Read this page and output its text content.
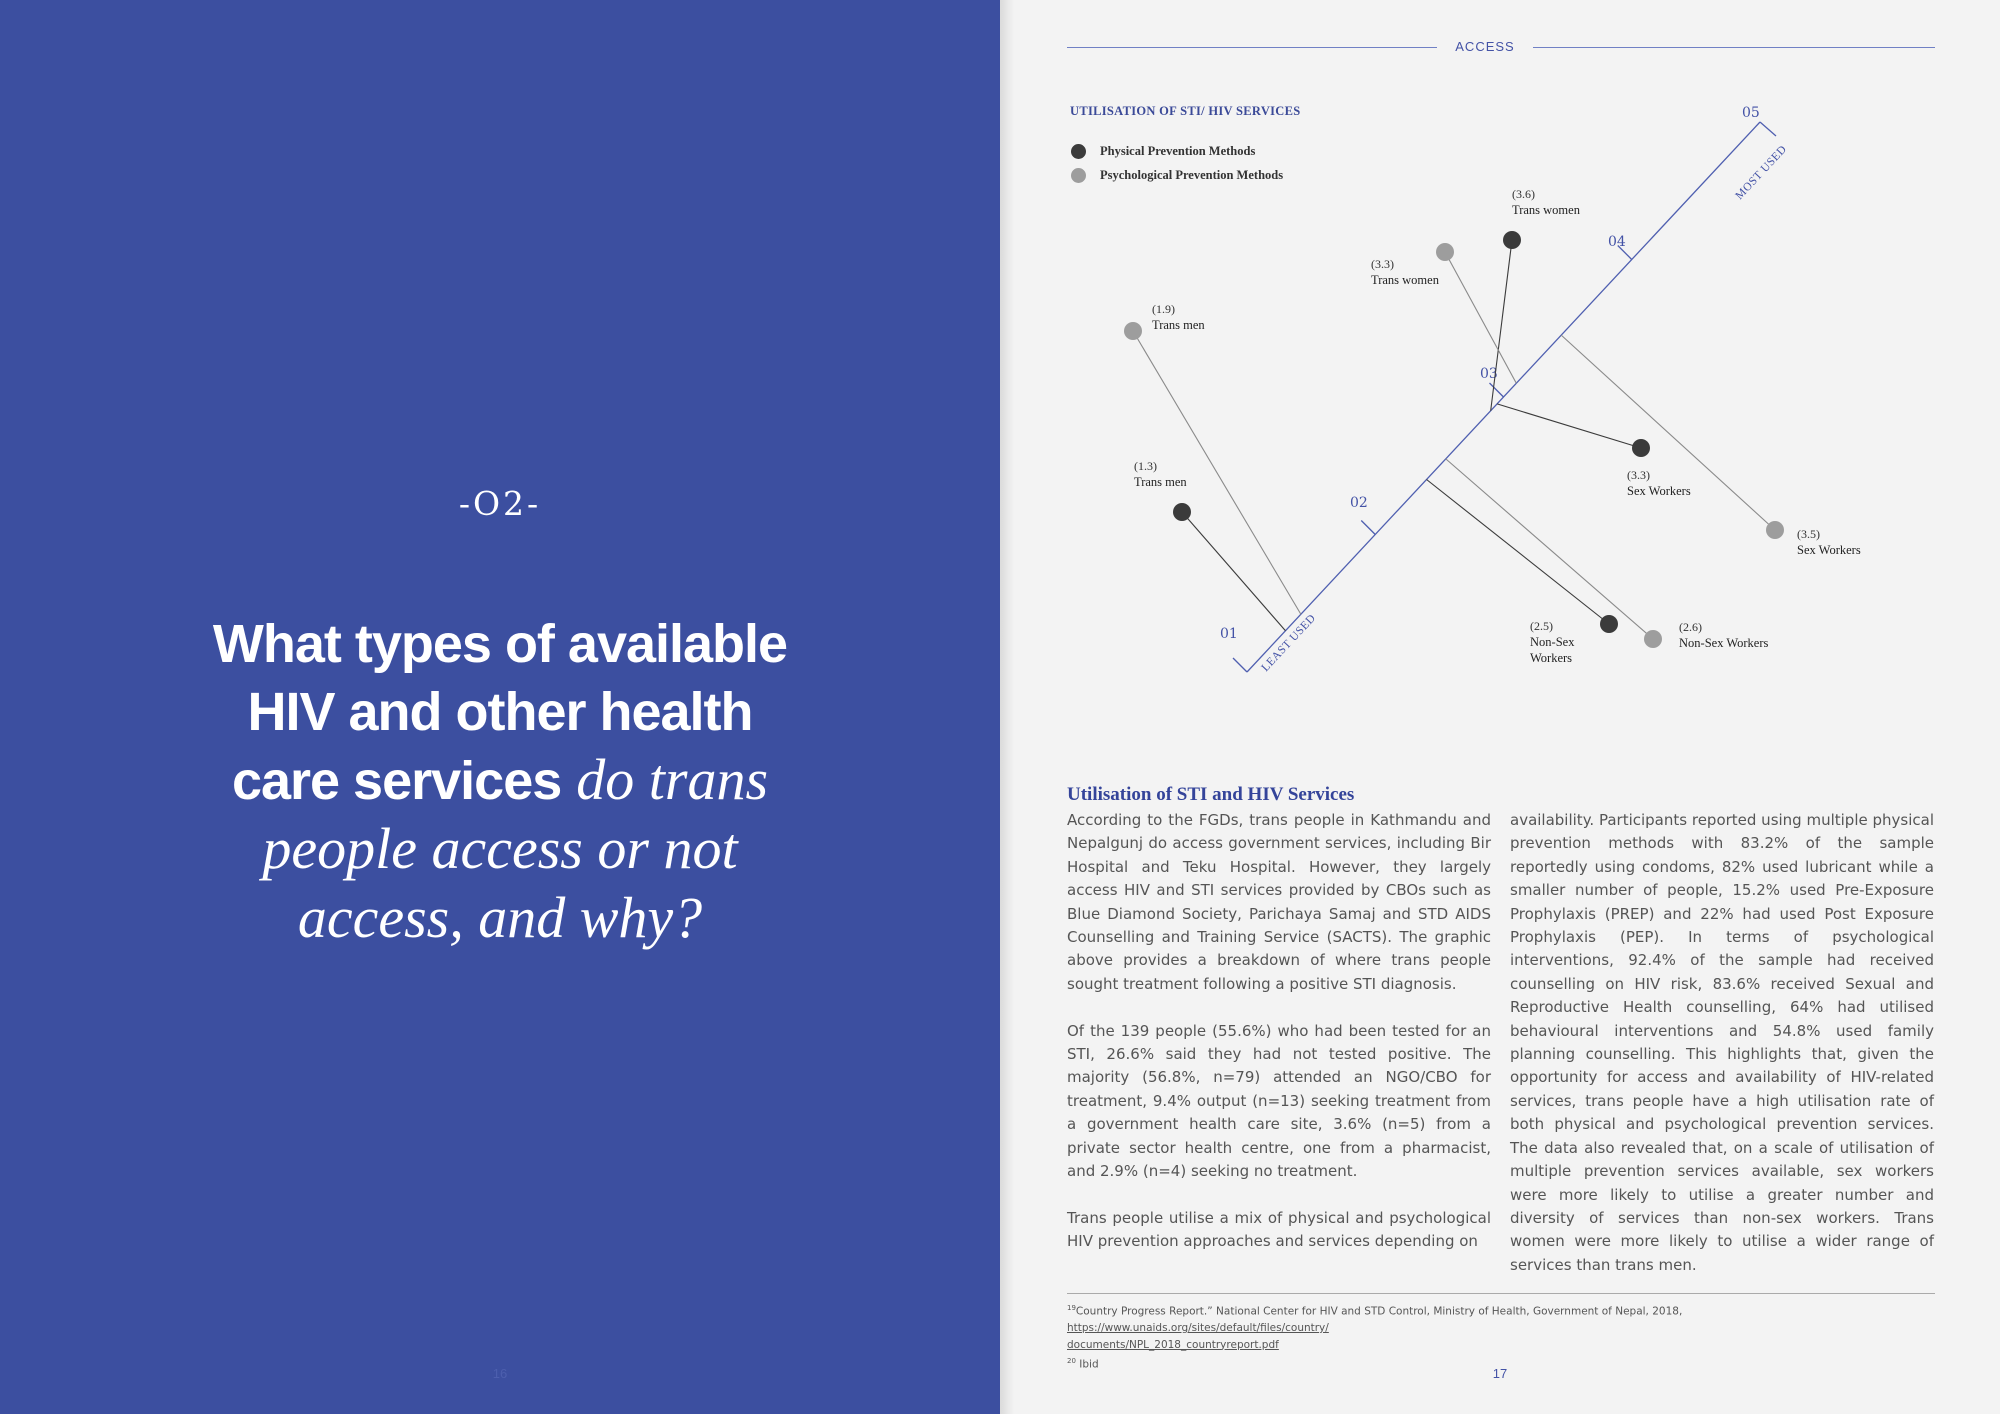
-O2-
What types of available
HIV and other health
care services do trans
people access or not
access, and why?
16
ACCESS
UTILISATION OF STI/ HIV SERVICES
Physical Prevention Methods
Psychological Prevention Methods
01
02
03
04
05
LEAST USED
MOST USED
(1.3)
Trans men
(3.6)
Trans women
(3.3)
Sex Workers
(2.5)
Non-Sex
Workers
(1.9)
Trans men
(3.3)
Trans women
(3.5)
Sex Workers
(2.6)
Non-Sex Workers
Utilisation of STI and HIV Services

According to the FGDs, trans people in Kathmandu and Nepalgunj do access government services, including Bir Hospital and Teku Hospital. However, they largely access HIV and STI services provided by CBOs such as Blue Diamond Society, Parichaya Samaj and STD AIDS Counselling and Training Service (SACTS). The graphic above provides a breakdown of where trans people sought treatment following a positive STI diagnosis.

Of the 139 people (55.6%) who had been tested for an STI, 26.6% said they had not tested positive. The majority (56.8%, n=79) attended an NGO/CBO for treatment, 9.4% output (n=13) seeking treatment from a government health care site, 3.6% (n=5) from a private sector health centre, one from a pharmacist, and 2.9% (n=4) seeking no treatment.

Trans people utilise a mix of physical and psychological HIV prevention approaches and services depending on

availability. Participants reported using multiple physical prevention methods with 83.2% of the sample reportedly using condoms, 82% used lubricant while a smaller number of people, 15.2% used Pre-Exposure Prophylaxis (PREP) and 22% had used Post Exposure Prophylaxis (PEP). In terms of psychological interventions, 92.4% of the sample had received counselling on HIV risk, 83.6% received Sexual and Reproductive Health counselling, 64% had utilised behavioural interventions and 54.8% used family planning counselling. This highlights that, given the opportunity for access and availability of HIV-related services, trans people have a high utilisation rate of both physical and psychological prevention services. The data also revealed that, on a scale of utilisation of multiple prevention services available, sex workers were more likely to utilise a greater number and diversity of services than non-sex workers. Trans women were more likely to utilise a wider range of services than trans men.

$^{19}$Country Progress Report.” National Center for HIV and STD Control, Ministry of Health, Government of Nepal, 2018, https://www.unaids.org/sites/default/files/country/
documents/NPL_2018_countryreport.pdf
$^{20}$ Ibid
17
